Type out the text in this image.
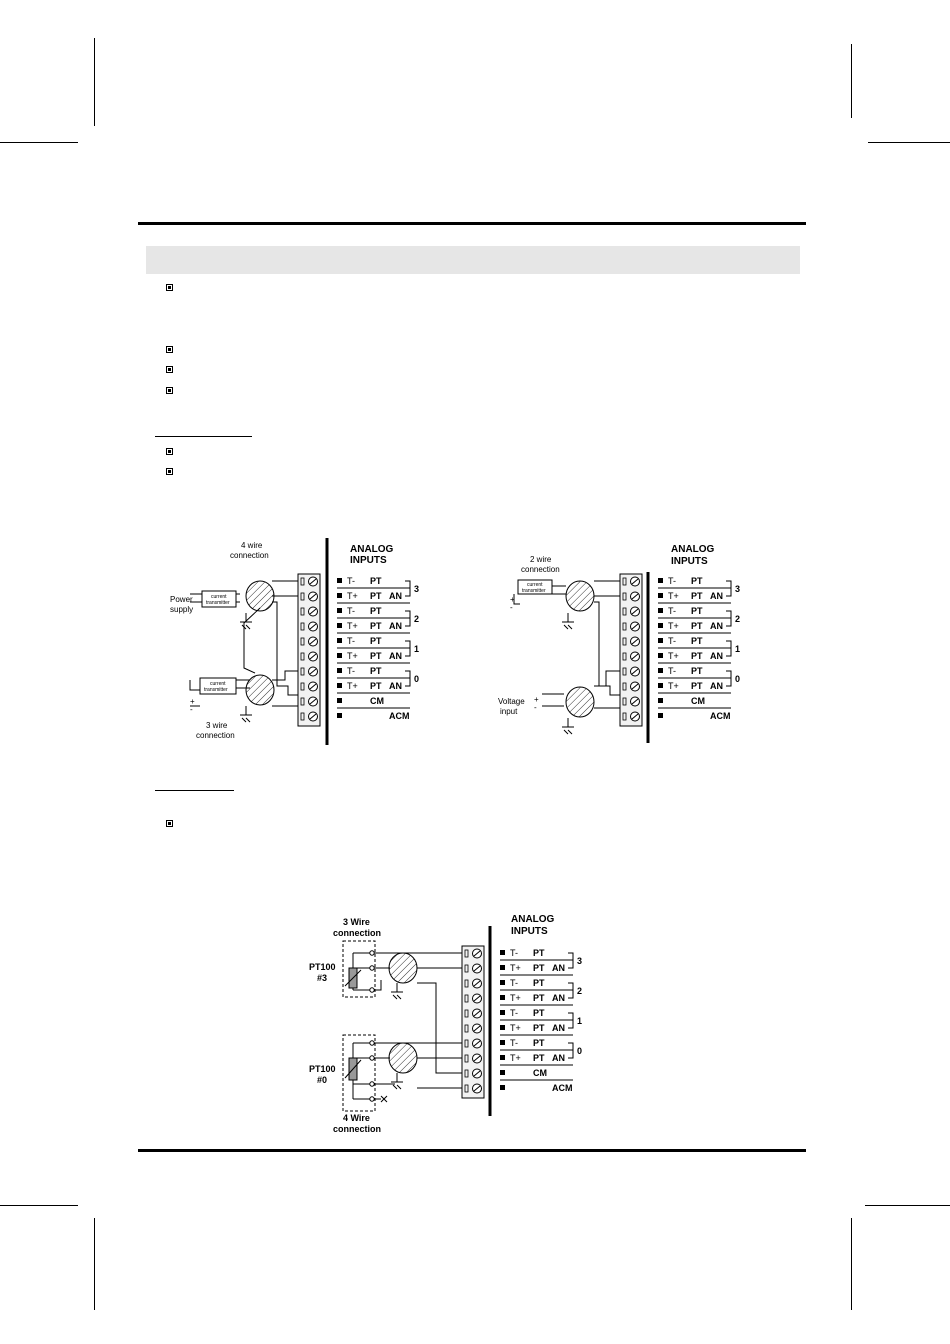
ANALOG
INPUTS
T- PT
T+ PT AN
T- PT
T+ PT AN
T- PT
T+ PT AN
T- PT
T+ PT AN
CM
ACM
3
2
1
0
current
transmitter
current
transmitter
4 wire
connection
Power
supply
+
-
3 wire
connection
ANALOG
INPUTS
T- PT
T+ PT AN
T- PT
T+ PT AN
T- PT
T+ PT AN
T- PT
T+ PT AN
CM
ACM
3
2
1
0
current
transmitter
2 wire
connection
+
-
Voltage
input
+
-
ANALOG
INPUTS
T- PT
T+ PT AN
T- PT
T+ PT AN
T- PT
T+ PT AN
T- PT
T+ PT AN
CM
ACM
3
2
1
0
3 Wire
connection
PT100
#3
PT100
#0
4 Wire
connection
